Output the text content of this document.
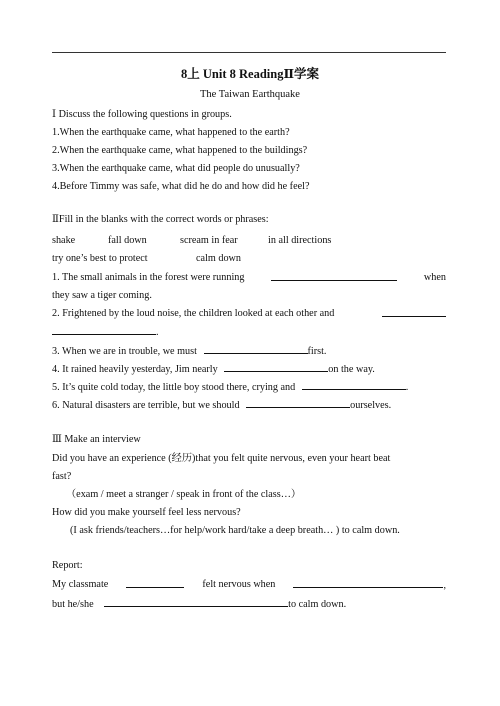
8上 Unit 8 ReadingⅡ学案
The Taiwan Earthquake
Ⅰ Discuss the following questions in groups.
1.When the earthquake came, what happened to the earth?
2.When the earthquake came, what happened to the buildings?
3.When the earthquake came, what did people do unusually?
4.Before Timmy was safe, what did he do and how did he feel?
ⅡFill in the blanks with the correct words or phrases:
shake	fall down	scream in fear	in all directions
try one’s best to protect	calm down
1. The small animals in the forest were running	when
they saw a tiger coming.
2. Frightened by the loud noise, the children looked at each other and
.
3. When we are in trouble, we must	first.
4. It rained heavily yesterday, Jim nearly	on the way.
5. It’s quite cold today, the little boy stood there, crying and	.
6. Natural disasters are terrible, but we should	ourselves.
Ⅲ Make an interview
Did you have an experience (经历)that you felt quite nervous, even your heart beat
fast?
（exam / meet a stranger / speak in front of the class…）
How did you make yourself feel less nervous?
(I ask friends/teachers…for help/work hard/take a deep breath… ) to calm down.
Report:
My classmate	felt nervous when	,
but he/she	to calm down.
